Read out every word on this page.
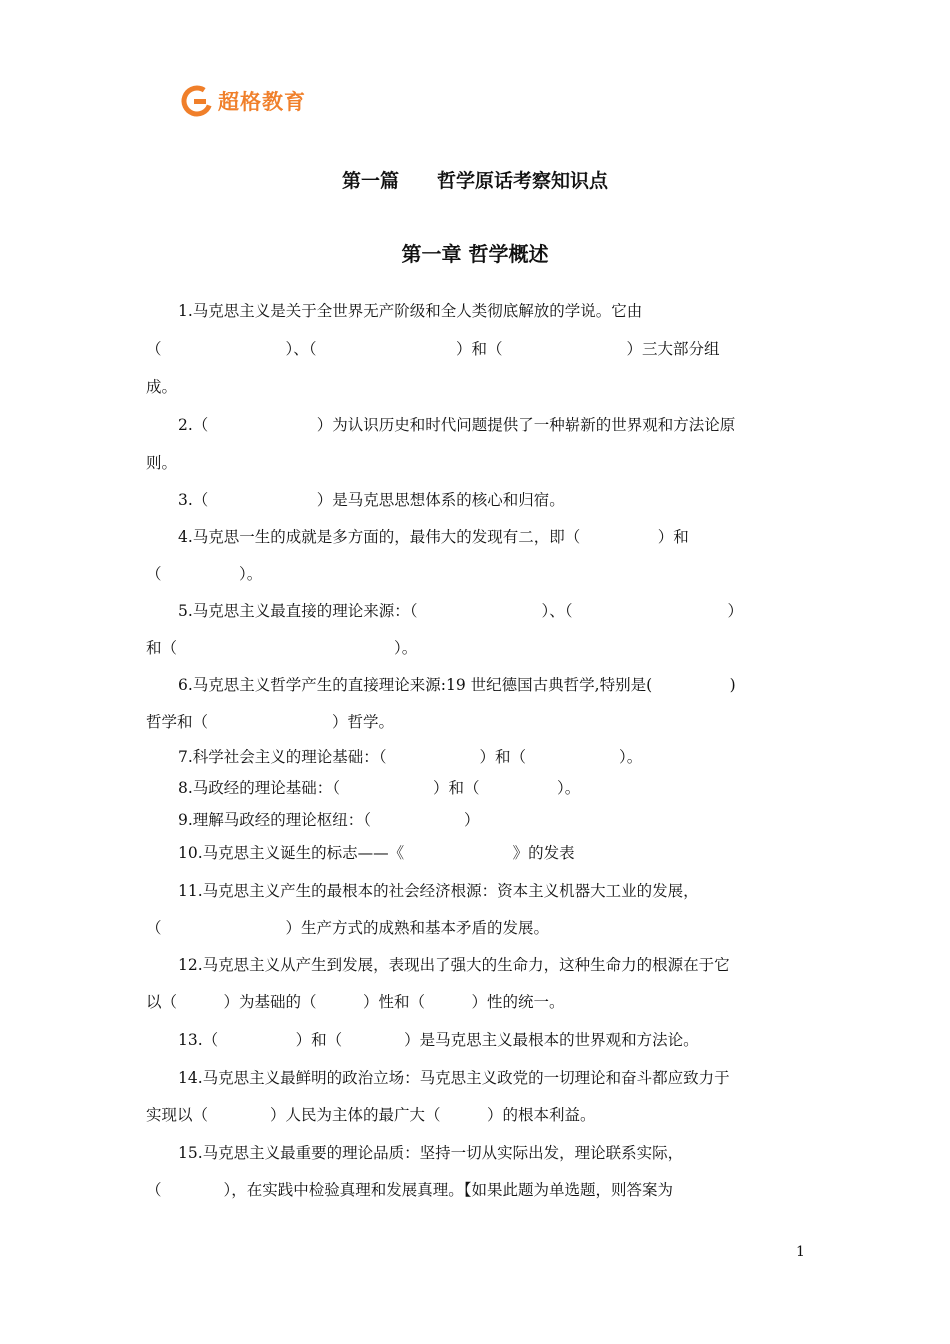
超格教育
第一篇　　哲学原话考察知识点
第一章 哲学概述
1.马克思主义是关于全世界无产阶级和全人类彻底解放的学说。它由
（　　　　　　　　）、（　　　　　　　　　）和（　　　　　　　　）三大部分组
成。
2.（　　　　　　　）为认识历史和时代问题提供了一种崭新的世界观和方法论原
则。
3.（　　　　　　　）是马克思思想体系的核心和归宿。
4.马克思一生的成就是多方面的，最伟大的发现有二，即（　　　　　）和
（　　　　　）。
5.马克思主义最直接的理论来源：（　　　　　　　　）、（　　　　　　　　　　）
和（　　　　　　　　　　　　　　）。
6.马克思主义哲学产生的直接理论来源:19 世纪德国古典哲学,特别是(　　　　　)
哲学和（　　　　　　　　）哲学。
7.科学社会主义的理论基础：（　　　　　　）和（　　　　　　）。
8.马政经的理论基础：（　　　　　　）和（　　　　　）。
9.理解马政经的理论枢纽：（　　　　　　）
10.马克思主义诞生的标志——《　　　　　　　》的发表
11.马克思主义产生的最根本的社会经济根源：资本主义机器大工业的发展，
（　　　　　　　　）生产方式的成熟和基本矛盾的发展。
12.马克思主义从产生到发展，表现出了强大的生命力，这种生命力的根源在于它
以（　　　）为基础的（　　　）性和（　　　）性的统一。
13.（　　　　　）和（　　　　）是马克思主义最根本的世界观和方法论。
14.马克思主义最鲜明的政治立场：马克思主义政党的一切理论和奋斗都应致力于
实现以（　　　　）人民为主体的最广大（　　　）的根本利益。
15.马克思主义最重要的理论品质：坚持一切从实际出发，理论联系实际，
（　　　　），在实践中检验真理和发展真理。【如果此题为单选题，则答案为
1
